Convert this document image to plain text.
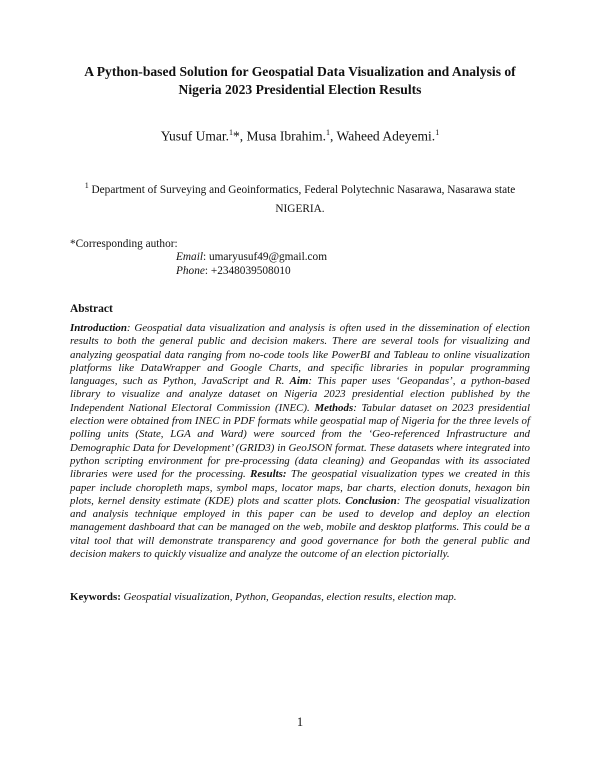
A Python-based Solution for Geospatial Data Visualization and Analysis of
Nigeria 2023 Presidential Election Results
Yusuf Umar.$^1$*, Musa Ibrahim.$^1$, Waheed Adeyemi.$^1$
$^1$ Department of Surveying and Geoinformatics, Federal Polytechnic Nasarawa, Nasarawa state
NIGERIA.
*Corresponding author:
Email: umaryusuf49@gmail.com
Phone: +2348039508010
Abstract
Introduction: Geospatial data visualization and analysis is often used in the dissemination of election results to both the general public and decision makers. There are several tools for visualizing and analyzing geospatial data ranging from no-code tools like PowerBI and Tableau to online visualization platforms like DataWrapper and Google Charts, and specific libraries in popular programming languages, such as Python, JavaScript and R. Aim: This paper uses ‘Geopandas’, a python-based library to visualize and analyze dataset on Nigeria 2023 presidential election published by the Independent National Electoral Commission (INEC). Methods: Tabular dataset on 2023 presidential election were obtained from INEC in PDF formats while geospatial map of Nigeria for the three levels of polling units (State, LGA and Ward) were sourced from the ‘Geo-referenced Infrastructure and Demographic Data for Development’ (GRID3) in GeoJSON format. These datasets where integrated into python scripting environment for pre-processing (data cleaning) and Geopandas with its associated libraries were used for the processing. Results: The geospatial visualization types we created in this paper include choropleth maps, symbol maps, locator maps, bar charts, election donuts, hexagon bin plots, kernel density estimate (KDE) plots and scatter plots. Conclusion: The geospatial visualization and analysis technique employed in this paper can be used to develop and deploy an election management dashboard that can be managed on the web, mobile and desktop platforms. This could be a vital tool that will demonstrate transparency and good governance for both the general public and decision makers to quickly visualize and analyze the outcome of an election pictorially.
Keywords: Geospatial visualization, Python, Geopandas, election results, election map.
1
